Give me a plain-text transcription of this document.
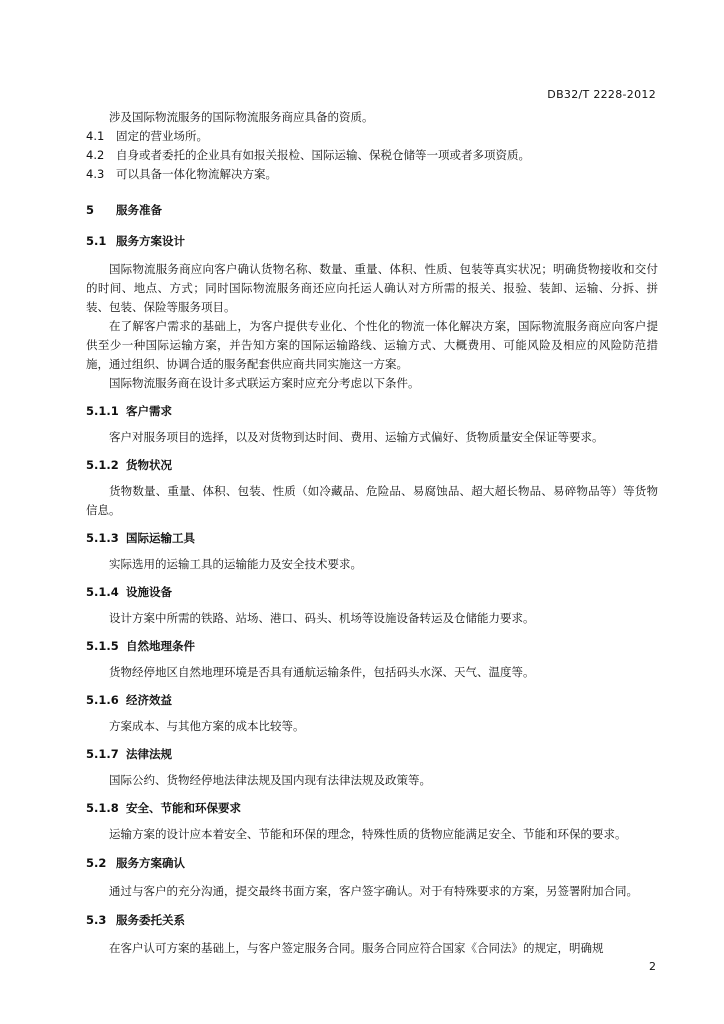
DB32/T 2228-2012

涉及国际物流服务的国际物流服务商应具备的资质。

4.1 固定的营业场所。
4.2 自身或者委托的企业具有如报关报检、国际运输、保税仓储等一项或者多项资质。
4.3 可以具备一体化物流解决方案。
5 服务准备
5.1 服务方案设计

国际物流服务商应向客户确认货物名称、数量、重量、体积、性质、包装等真实状况；明确货物接收和交付的时间、地点、方式；同时国际物流服务商还应向托运人确认对方所需的报关、报验、装卸、运输、分拆、拼装、包装、保险等服务项目。

在了解客户需求的基础上，为客户提供专业化、个性化的物流一体化解决方案，国际物流服务商应向客户提供至少一种国际运输方案，并告知方案的国际运输路线、运输方式、大概费用、可能风险及相应的风险防范措施，通过组织、协调合适的服务配套供应商共同实施这一方案。

国际物流服务商在设计多式联运方案时应充分考虑以下条件。

5.1.1 客户需求

客户对服务项目的选择，以及对货物到达时间、费用、运输方式偏好、货物质量安全保证等要求。

5.1.2 货物状况

货物数量、重量、体积、包装、性质（如冷藏品、危险品、易腐蚀品、超大超长物品、易碎物品等）等货物信息。

5.1.3 国际运输工具

实际选用的运输工具的运输能力及安全技术要求。

5.1.4 设施设备

设计方案中所需的铁路、站场、港口、码头、机场等设施设备转运及仓储能力要求。

5.1.5 自然地理条件

货物经停地区自然地理环境是否具有通航运输条件，包括码头水深、天气、温度等。

5.1.6 经济效益

方案成本、与其他方案的成本比较等。

5.1.7 法律法规

国际公约、货物经停地法律法规及国内现有法律法规及政策等。

5.1.8 安全、节能和环保要求

运输方案的设计应本着安全、节能和环保的理念，特殊性质的货物应能满足安全、节能和环保的要求。

5.2 服务方案确认

通过与客户的充分沟通，提交最终书面方案，客户签字确认。对于有特殊要求的方案，另签署附加合同。

5.3 服务委托关系

在客户认可方案的基础上，与客户签定服务合同。服务合同应符合国家《合同法》的规定，明确规

2
